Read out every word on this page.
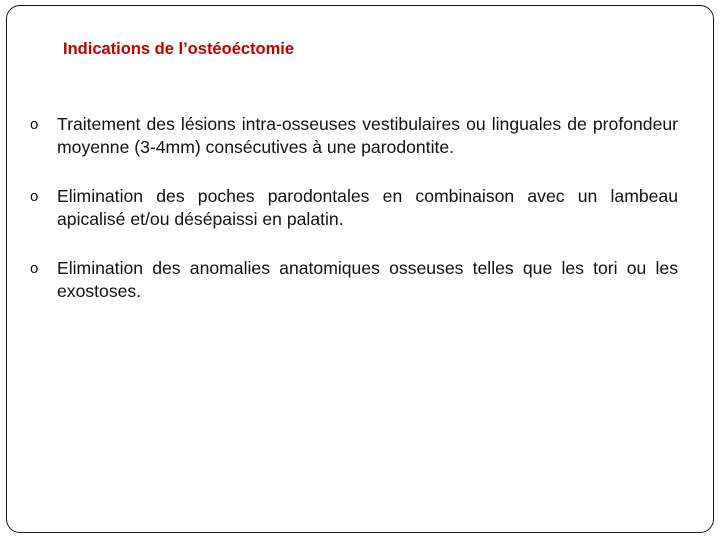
Indications de l’ostéoéctomie
o Traitement des lésions intra-osseuses vestibulaires ou linguales de profondeur moyenne (3-4mm) consécutives à une parodontite.
o Elimination des poches parodontales en combinaison avec un lambeau apicalisé et/ou désépaissi en palatin.
o Elimination des anomalies anatomiques osseuses telles que les tori ou les exostoses.
